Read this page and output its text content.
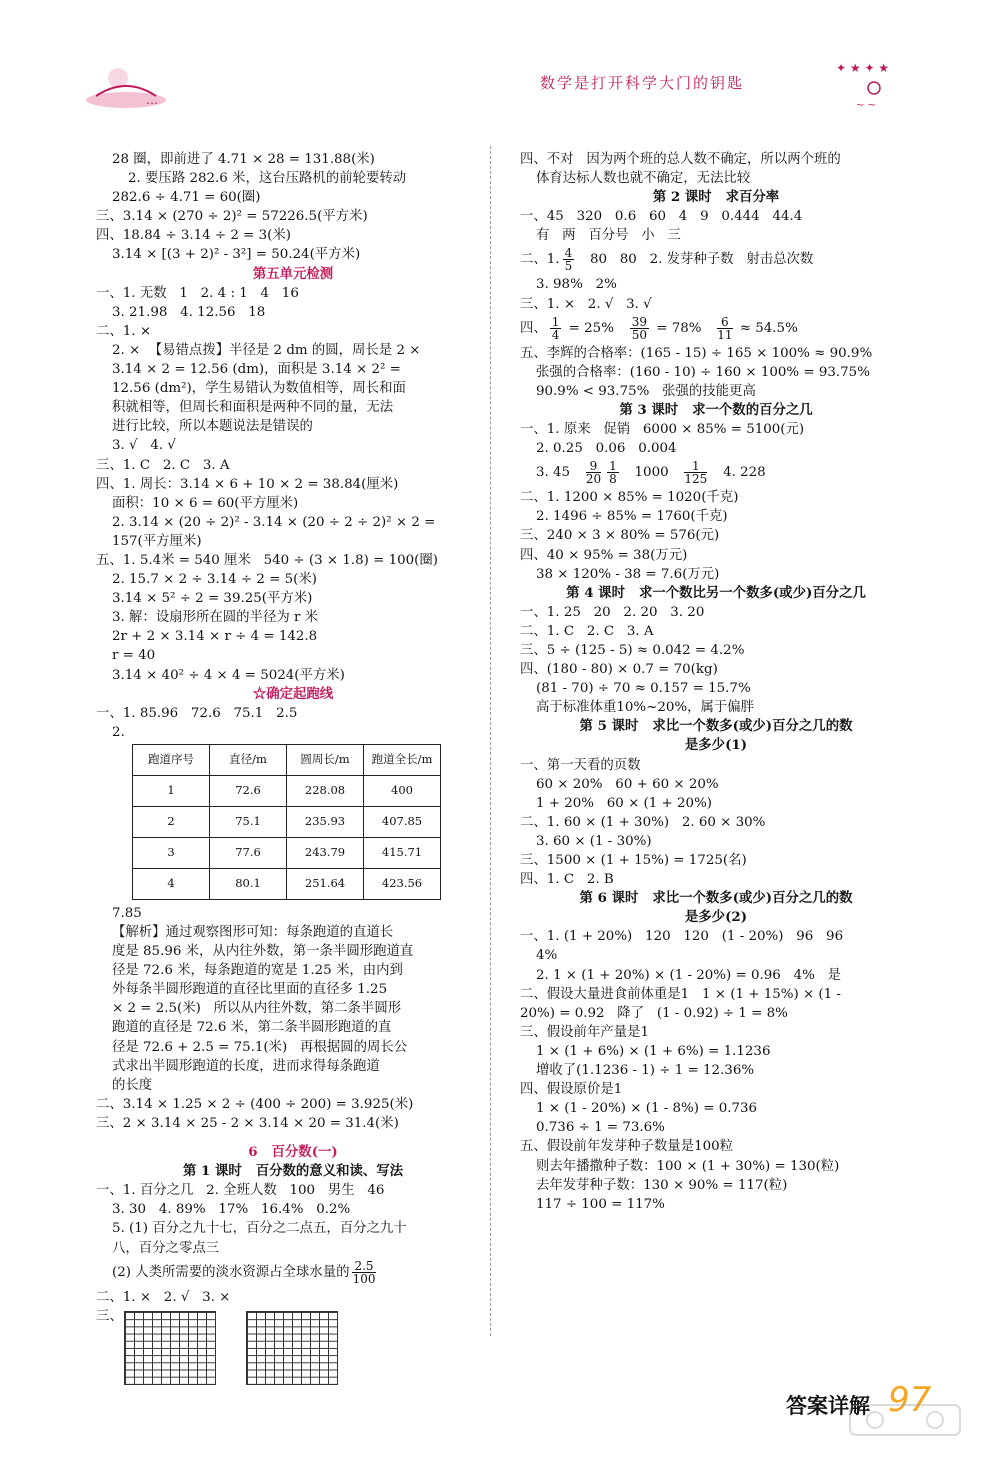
…
数学是打开科学大门的钥匙
✦ ★ ✦ ★
~ ~
28 圈，即前进了 4.71 × 28 = 131.88(米)
2. 要压路 282.6 米，这台压路机的前轮要转动
282.6 ÷ 4.71 = 60(圈)
三、3.14 × (270 ÷ 2)² = 57226.5(平方米)
四、18.84 ÷ 3.14 ÷ 2 = 3(米)
3.14 × [(3 + 2)² - 3²] = 50.24(平方米)
第五单元检测
一、1. 无数   1   2. 4 : 1   4   16
3. 21.98   4. 12.56   18
二、1. ×
2. ×  【易错点拨】半径是 2 dm 的圆，周长是 2 ×
3.14 × 2 = 12.56 (dm)，面积是 3.14 × 2² =
12.56 (dm²)，学生易错认为数值相等，周长和面
积就相等，但周长和面积是两种不同的量，无法
进行比较，所以本题说法是错误的
3. √   4. √
三、1. C   2. C   3. A
四、1. 周长：3.14 × 6 + 10 × 2 = 38.84(厘米)
面积：10 × 6 = 60(平方厘米)
2. 3.14 × (20 ÷ 2)² - 3.14 × (20 ÷ 2 ÷ 2)² × 2 =
157(平方厘米)
五、1. 5.4米 = 540 厘米   540 ÷ (3 × 1.8) = 100(圈)
2. 15.7 × 2 ÷ 3.14 ÷ 2 = 5(米)
3.14 × 5² ÷ 2 = 39.25(平方米)
3. 解：设扇形所在圆的半径为 r 米
2r + 2 × 3.14 × r ÷ 4 = 142.8
r = 40
3.14 × 40² ÷ 4 × 4 = 5024(平方米)
☆确定起跑线
一、1. 85.96   72.6   75.1   2.5
2.
跑道序号	直径/m	圆周长/m	跑道全长/m
1	72.6	228.08	400
2	75.1	235.93	407.85
3	77.6	243.79	415.71
4	80.1	251.64	423.56
7.85
【解析】通过观察图形可知：每条跑道的直道长
度是 85.96 米，从内往外数，第一条半圆形跑道直
径是 72.6 米，每条跑道的宽是 1.25 米，由内到
外每条半圆形跑道的直径比里面的直径多 1.25
× 2 = 2.5(米)   所以从内往外数，第二条半圆形
跑道的直径是 72.6 米，第二条半圆形跑道的直
径是 72.6 + 2.5 = 75.1(米)   再根据圆的周长公
式求出半圆形跑道的长度，进而求得每条跑道
的长度
二、3.14 × 1.25 × 2 ÷ (400 ÷ 200) = 3.925(米)
三、2 × 3.14 × 25 - 2 × 3.14 × 20 = 31.4(米)
6   百分数(一)
第 1 课时   百分数的意义和读、写法
一、1. 百分之几   2. 全班人数   100   男生   46
3. 30   4. 89%   17%   16.4%   0.2%
5. (1) 百分之九十七，百分之二点五，百分之九十
八，百分之零点三
(2) 人类所需要的淡水资源占全球水量的 $\frac{2.5}{100}$
二、1. ×   2. √   3. ×
三、
四、不对   因为两个班的总人数不确定，所以两个班的
体育达标人数也就不确定，无法比较
第 2 课时   求百分率
一、45   320   0.6   60   4   9   0.444   44.4
有   两   百分号   小   三
二、1. $\frac{4}{5} 80$   80   2. 发芽种子数   射击总次数
3. 98%   2%
三、1. ×   2. √   3. √
四、 $\frac{1}{4} = 25\% \frac{39}{50} = 78\% \frac{6}{11} \approx 54.5\%$
五、李辉的合格率：(165 - 15) ÷ 165 × 100% ≈ 90.9%
张强的合格率：(160 - 10) ÷ 160 × 100% = 93.75%
90.9% < 93.75%   张强的技能更高
第 3 课时   求一个数的百分之几
一、1. 原来   促销   6000 × 85% = 5100(元)
2. 0.25   0.06   0.004
3. $45 \frac{9}{20} \frac{1}{8} 1000 \frac{1}{125} 4$. 228
二、1. 1200 × 85% = 1020(千克)
2. 1496 ÷ 85% = 1760(千克)
三、240 × 3 × 80% = 576(元)
四、40 × 95% = 38(万元)
38 × 120% - 38 = 7.6(万元)
第 4 课时   求一个数比另一个数多(或少)百分之几
一、1. 25   20   2. 20   3. 20
二、1. C   2. C   3. A
三、5 ÷ (125 - 5) ≈ 0.042 = 4.2%
四、(180 - 80) × 0.7 = 70(kg)
(81 - 70) ÷ 70 ≈ 0.157 = 15.7%
高于标准体重10%~20%，属于偏胖
第 5 课时   求比一个数多(或少)百分之几的数
是多少(1)
一、第一天看的页数
60 × 20%   60 + 60 × 20%
1 + 20%   60 × (1 + 20%)
二、1. 60 × (1 + 30%)   2. 60 × 30%
3. 60 × (1 - 30%)
三、1500 × (1 + 15%) = 1725(名)
四、1. C   2. B
第 6 课时   求比一个数多(或少)百分之几的数
是多少(2)
一、1. (1 + 20%)   120   120   (1 - 20%)   96   96
4%
2. 1 × (1 + 20%) × (1 - 20%) = 0.96   4%   是
二、假设大量进食前体重是1   1 × (1 + 15%) × (1 -
20%) = 0.92   降了   (1 - 0.92) ÷ 1 = 8%
三、假设前年产量是1
1 × (1 + 6%) × (1 + 6%) = 1.1236
增收了(1.1236 - 1) ÷ 1 = 12.36%
四、假设原价是1
1 × (1 - 20%) × (1 - 8%) = 0.736
0.736 ÷ 1 = 73.6%
五、假设前年发芽种子数量是100粒
则去年播撒种子数：100 × (1 + 30%) = 130(粒)
去年发芽种子数：130 × 90% = 117(粒)
117 ÷ 100 = 117%
答案详解 97
